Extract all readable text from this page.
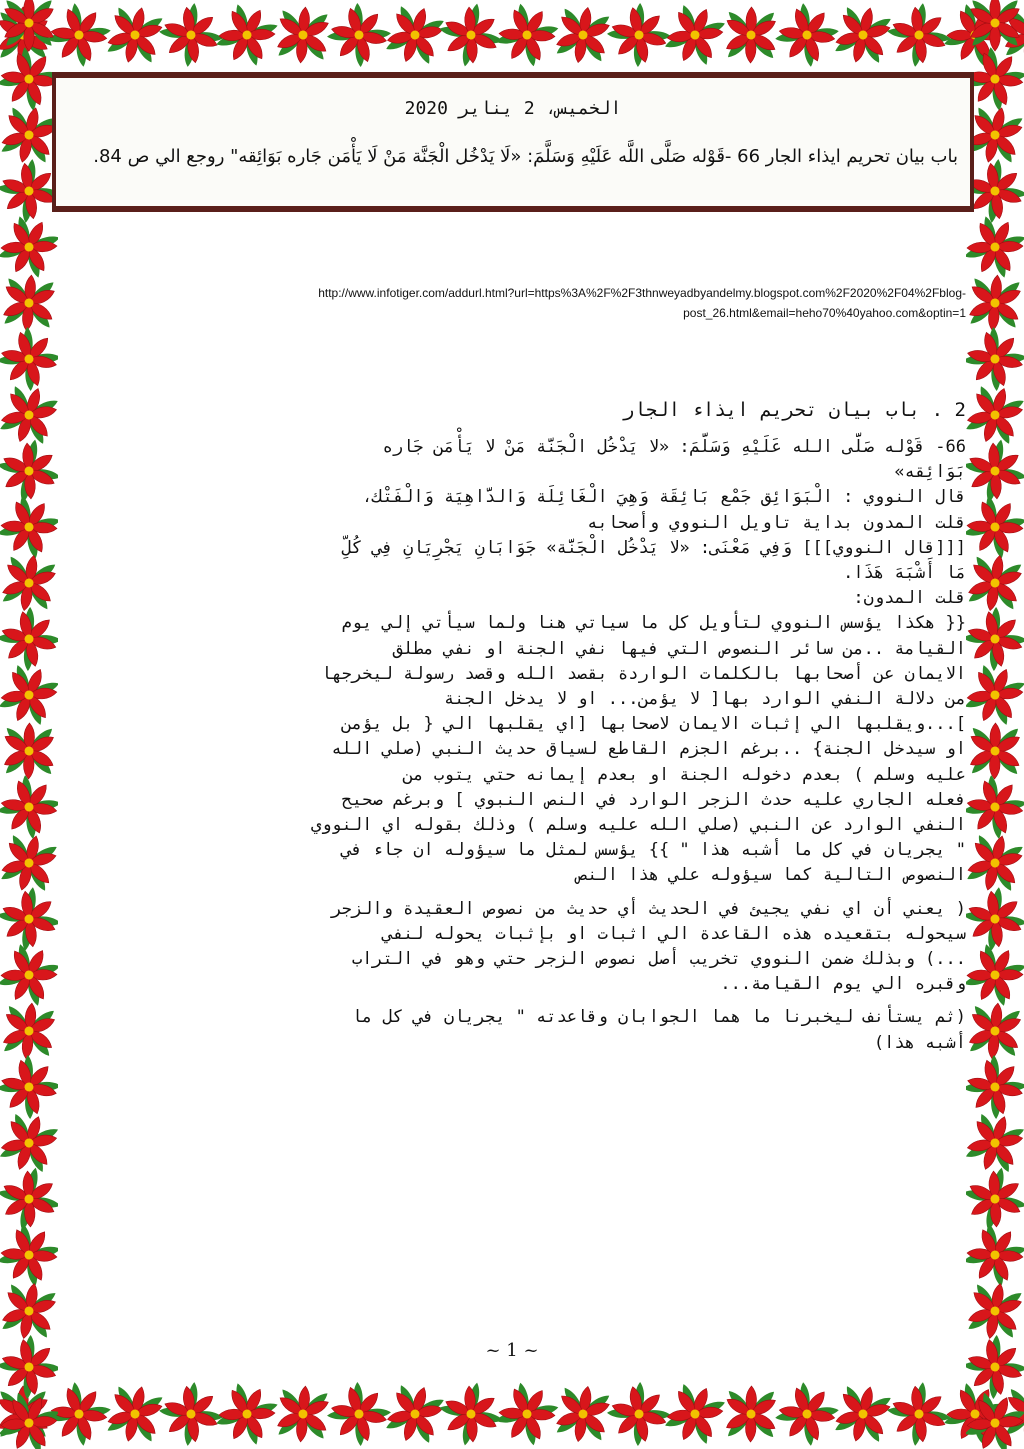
الخميس، 2 يناير 2020
باب بيان تحريم ايذاء الجار 66 -قَوْله صَلَّى اللَّه عَلَيْهِ وَسَلَّمَ: «لَا يَدْخُل الْجَنَّة مَنْ لَا يَأْمَن جَاره بَوَائِقه" روجع الي ص 84.
http://www.infotiger.com/addurl.html?url=https%3A%2F%2F3thnweyadbyandelmy.blogspot.com%2F2020%2F04%2Fblog-
post_26.html&email=heho70%40yahoo.com&optin=1

2 . باب بيان تحريم ايذاء الجار

66- قَوْله صَلَّى الله عَلَيْهِ وَسَلَّمَ: «لا يَدْخُل الْجَنَّة مَنْ لا يَأْمَن جَاره

بَوَائِقه»

قال النووي : الْبَوَائِق جَمْع بَائِقَة وَهِيَ الْغَائِلَة وَالدَّاهِيَة وَالْفَتْك،

قلت المدون بداية تاويل النووي وأصحابه

[[[قال النووي]]] وَفِي مَعْنَى: «لا يَدْخُل الْجَنَّة» جَوَابَانِ يَجْرِيَانِ فِي كُلِّ

مَا أَشْبَهَ هَذَا.

قلت المدون:

{{ هكذا يؤسس النووي لتأويل كل ما سياتي هنا ولما سيأتي إلي يوم

القيامة ..من سائر النصوص التي فيها نفي الجنة او نفي مطلق

الايمان عن أصحابها بالكلمات الواردة بقصد الله وقصد رسولة ليخرجها

من دلالة النفي الوارد بها[ لا يؤمن... او لا يدخل الجنة

]...ويقلبها الي إثبات الايمان لاصحابها [اي يقلبها الي { بل يؤمن

او سيدخل الجنة} ..برغم الجزم القاطع لسياق حديث النبي (صلي الله

عليه وسلم ) بعدم دخوله الجنة او بعدم إيمانه حتي يتوب من

فعله الجاري عليه حدث الزجر الوارد في النص النبوي ] وبرغم صحيح

النفي الوارد عن النبي (صلي الله عليه وسلم ) وذلك بقوله اي النووي

" يجريان في كل ما أشبه هذا " }} يؤسس لمثل ما سيؤوله ان جاء في

النصوص التالية كما سيؤوله علي هذا النص

( يعني أن اي نفي يجيئ في الحديث أي حديث من نصوص العقيدة والزجر

سيحوله بتقعيده هذه القاعدة الي اثبات او بإثبات يحوله لنفي

...) وبذلك ضمن النووي تخريب أصل نصوص الزجر حتي وهو في التراب

وقبره الي يوم القيامة...

(ثم يستأنف ليخبرنا ما هما الجوابان وقاعدته " يجريان في كل ما

أشبه هذا)

~ 1 ~
